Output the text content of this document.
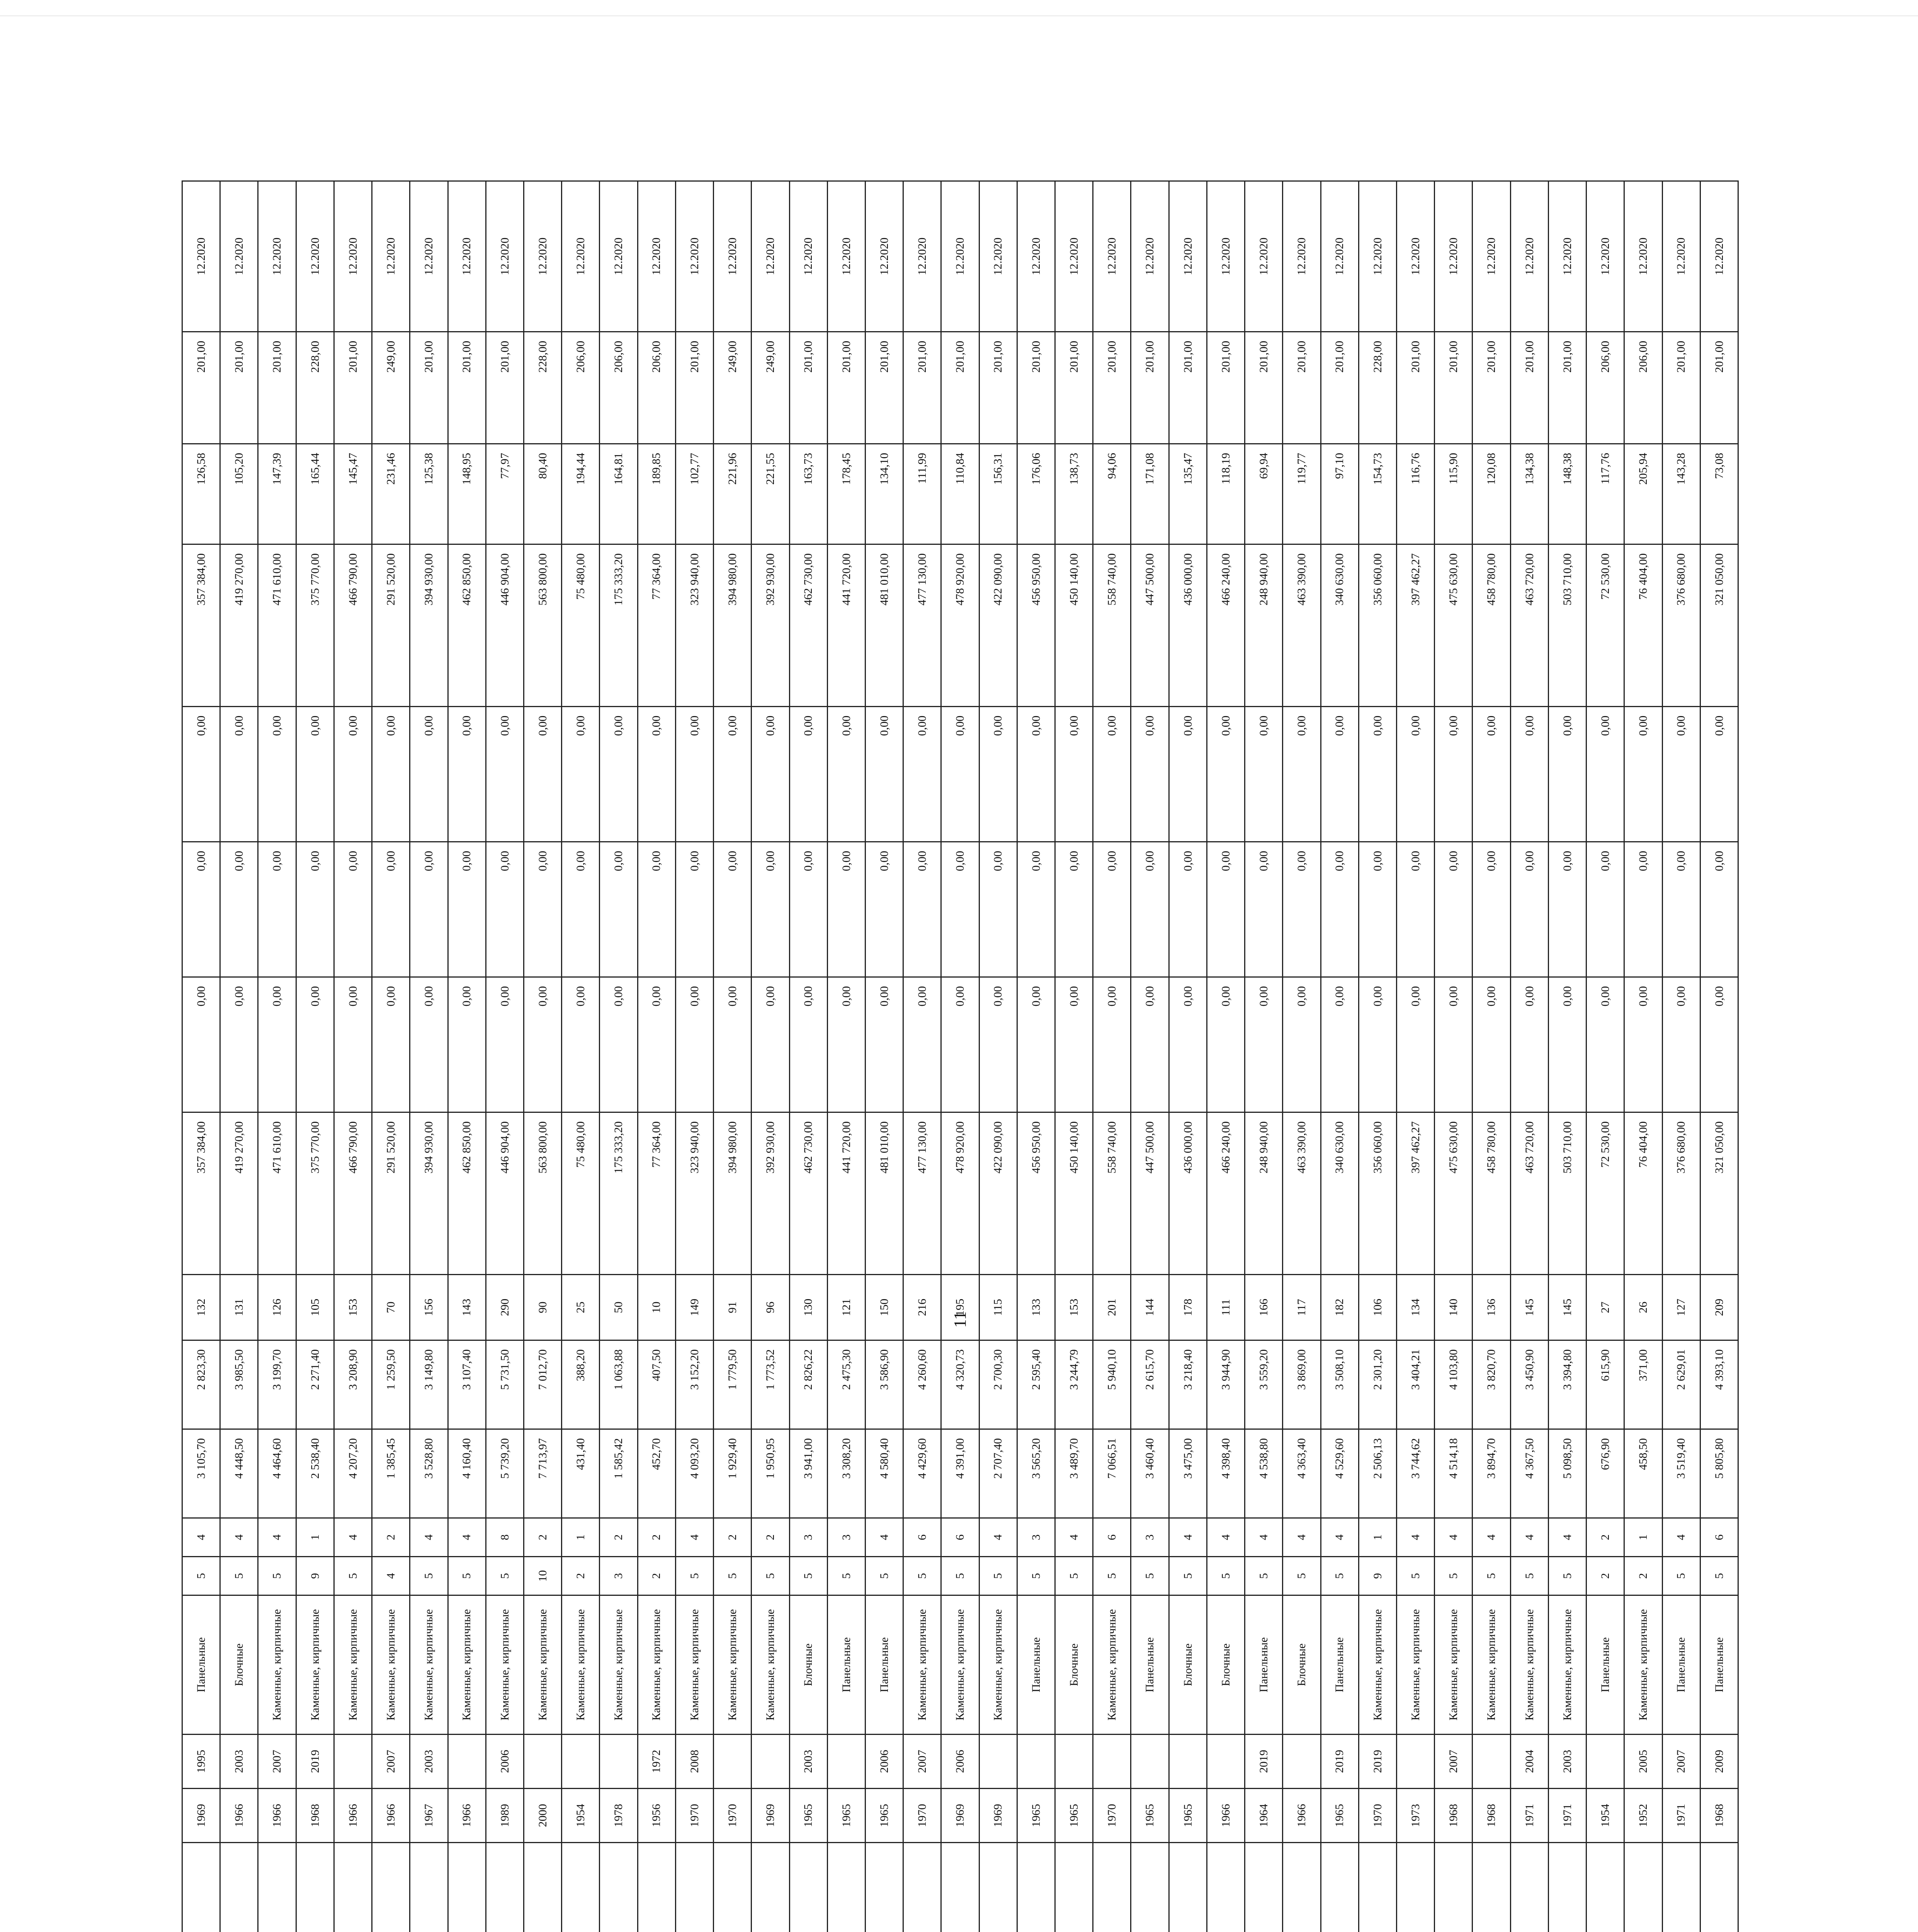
		1969	1995	Панельные	5	4	3 105,70	2 823,30	132	357 384,00	0,00	0,00	0,00	357 384,00	126,58	201,00	12.2020
		1966	2003	Блочные	5	4	4 448,50	3 985,50	131	419 270,00	0,00	0,00	0,00	419 270,00	105,20	201,00	12.2020
		1966	2007	Каменные, кирпичные	5	4	4 464,60	3 199,70	126	471 610,00	0,00	0,00	0,00	471 610,00	147,39	201,00	12.2020
		1968	2019	Каменные, кирпичные	9	1	2 538,40	2 271,40	105	375 770,00	0,00	0,00	0,00	375 770,00	165,44	228,00	12.2020
		1966		Каменные, кирпичные	5	4	4 207,20	3 208,90	153	466 790,00	0,00	0,00	0,00	466 790,00	145,47	201,00	12.2020
		1966	2007	Каменные, кирпичные	4	2	1 385,45	1 259,50	70	291 520,00	0,00	0,00	0,00	291 520,00	231,46	249,00	12.2020
		1967	2003	Каменные, кирпичные	5	4	3 528,80	3 149,80	156	394 930,00	0,00	0,00	0,00	394 930,00	125,38	201,00	12.2020
		1966		Каменные, кирпичные	5	4	4 160,40	3 107,40	143	462 850,00	0,00	0,00	0,00	462 850,00	148,95	201,00	12.2020
		1989	2006	Каменные, кирпичные	5	8	5 739,20	5 731,50	290	446 904,00	0,00	0,00	0,00	446 904,00	77,97	201,00	12.2020
		2000		Каменные, кирпичные	10	2	7 713,97	7 012,70	90	563 800,00	0,00	0,00	0,00	563 800,00	80,40	228,00	12.2020
		1954		Каменные, кирпичные	2	1	431,40	388,20	25	75 480,00	0,00	0,00	0,00	75 480,00	194,44	206,00	12.2020
		1978		Каменные, кирпичные	3	2	1 585,42	1 063,88	50	175 333,20	0,00	0,00	0,00	175 333,20	164,81	206,00	12.2020
		1956	1972	Каменные, кирпичные	2	2	452,70	407,50	10	77 364,00	0,00	0,00	0,00	77 364,00	189,85	206,00	12.2020
		1970	2008	Каменные, кирпичные	5	4	4 093,20	3 152,20	149	323 940,00	0,00	0,00	0,00	323 940,00	102,77	201,00	12.2020
		1970		Каменные, кирпичные	5	2	1 929,40	1 779,50	91	394 980,00	0,00	0,00	0,00	394 980,00	221,96	249,00	12.2020
		1969		Каменные, кирпичные	5	2	1 950,95	1 773,52	96	392 930,00	0,00	0,00	0,00	392 930,00	221,55	249,00	12.2020
		1965	2003	Блочные	5	3	3 941,00	2 826,22	130	462 730,00	0,00	0,00	0,00	462 730,00	163,73	201,00	12.2020
		1965		Панельные	5	3	3 308,20	2 475,30	121	441 720,00	0,00	0,00	0,00	441 720,00	178,45	201,00	12.2020
		1965	2006	Панельные	5	4	4 580,40	3 586,90	150	481 010,00	0,00	0,00	0,00	481 010,00	134,10	201,00	12.2020
		1970	2007	Каменные, кирпичные	5	6	4 429,60	4 260,60	216	477 130,00	0,00	0,00	0,00	477 130,00	111,99	201,00	12.2020
		1969	2006	Каменные, кирпичные	5	6	4 391,00	4 320,73	195	478 920,00	0,00	0,00	0,00	478 920,00	110,84	201,00	12.2020
		1969		Каменные, кирпичные	5	4	2 707,40	2 700,30	115	422 090,00	0,00	0,00	0,00	422 090,00	156,31	201,00	12.2020
		1965		Панельные	5	3	3 565,20	2 595,40	133	456 950,00	0,00	0,00	0,00	456 950,00	176,06	201,00	12.2020
		1965		Блочные	5	4	3 489,70	3 244,79	153	450 140,00	0,00	0,00	0,00	450 140,00	138,73	201,00	12.2020
		1970		Каменные, кирпичные	5	6	7 066,51	5 940,10	201	558 740,00	0,00	0,00	0,00	558 740,00	94,06	201,00	12.2020
		1965		Панельные	5	3	3 460,40	2 615,70	144	447 500,00	0,00	0,00	0,00	447 500,00	171,08	201,00	12.2020
		1965		Блочные	5	4	3 475,00	3 218,40	178	436 000,00	0,00	0,00	0,00	436 000,00	135,47	201,00	12.2020
		1966		Блочные	5	4	4 398,40	3 944,90	111	466 240,00	0,00	0,00	0,00	466 240,00	118,19	201,00	12.2020
		1964	2019	Панельные	5	4	4 538,80	3 559,20	166	248 940,00	0,00	0,00	0,00	248 940,00	69,94	201,00	12.2020
		1966		Блочные	5	4	4 363,40	3 869,00	117	463 390,00	0,00	0,00	0,00	463 390,00	119,77	201,00	12.2020
		1965	2019	Панельные	5	4	4 529,60	3 508,10	182	340 630,00	0,00	0,00	0,00	340 630,00	97,10	201,00	12.2020
		1970	2019	Каменные, кирпичные	9	1	2 506,13	2 301,20	106	356 060,00	0,00	0,00	0,00	356 060,00	154,73	228,00	12.2020
		1973		Каменные, кирпичные	5	4	3 744,62	3 404,21	134	397 462,27	0,00	0,00	0,00	397 462,27	116,76	201,00	12.2020
		1968	2007	Каменные, кирпичные	5	4	4 514,18	4 103,80	140	475 630,00	0,00	0,00	0,00	475 630,00	115,90	201,00	12.2020
		1968		Каменные, кирпичные	5	4	3 894,70	3 820,70	136	458 780,00	0,00	0,00	0,00	458 780,00	120,08	201,00	12.2020
		1971	2004	Каменные, кирпичные	5	4	4 367,50	3 450,90	145	463 720,00	0,00	0,00	0,00	463 720,00	134,38	201,00	12.2020
		1971	2003	Каменные, кирпичные	5	4	5 098,50	3 394,80	145	503 710,00	0,00	0,00	0,00	503 710,00	148,38	201,00	12.2020
		1954		Панельные	2	2	676,90	615,90	27	72 530,00	0,00	0,00	0,00	72 530,00	117,76	206,00	12.2020
		1952	2005	Каменные, кирпичные	2	1	458,50	371,00	26	76 404,00	0,00	0,00	0,00	76 404,00	205,94	206,00	12.2020
		1971	2007	Панельные	5	4	3 519,40	2 629,01	127	376 680,00	0,00	0,00	0,00	376 680,00	143,28	201,00	12.2020
		1968	2009	Панельные	5	6	5 805,80	4 393,10	209	321 050,00	0,00	0,00	0,00	321 050,00	73,08	201,00	12.2020
11
